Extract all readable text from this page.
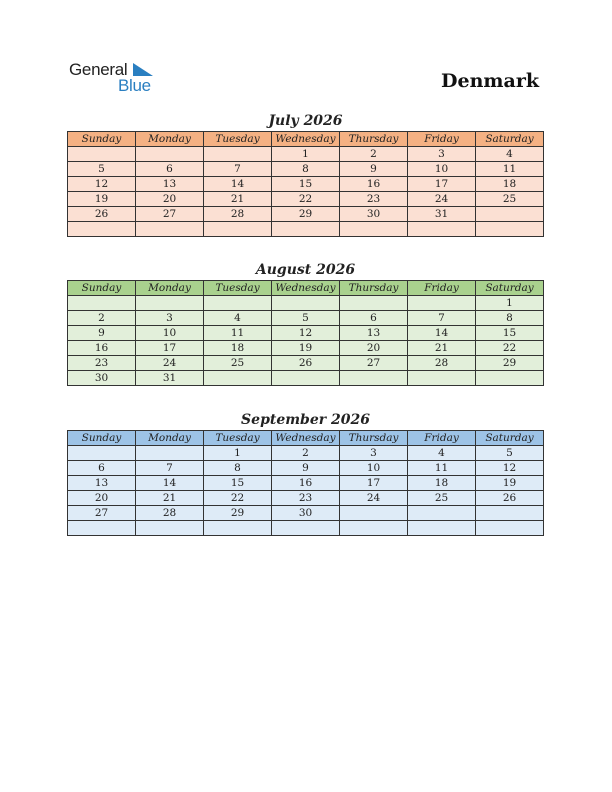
General
Blue	Denmark
July 2026
Sunday	Monday	Tuesday	Wednesday	Thursday	Friday	Saturday
			1	2	3	4
5	6	7	8	9	10	11
12	13	14	15	16	17	18
19	20	21	22	23	24	25
26	27	28	29	30	31	

August 2026
Sunday	Monday	Tuesday	Wednesday	Thursday	Friday	Saturday
						1
2	3	4	5	6	7	8
9	10	11	12	13	14	15
16	17	18	19	20	21	22
23	24	25	26	27	28	29
30	31					
September 2026
Sunday	Monday	Tuesday	Wednesday	Thursday	Friday	Saturday
		1	2	3	4	5
6	7	8	9	10	11	12
13	14	15	16	17	18	19
20	21	22	23	24	25	26
27	28	29	30			
